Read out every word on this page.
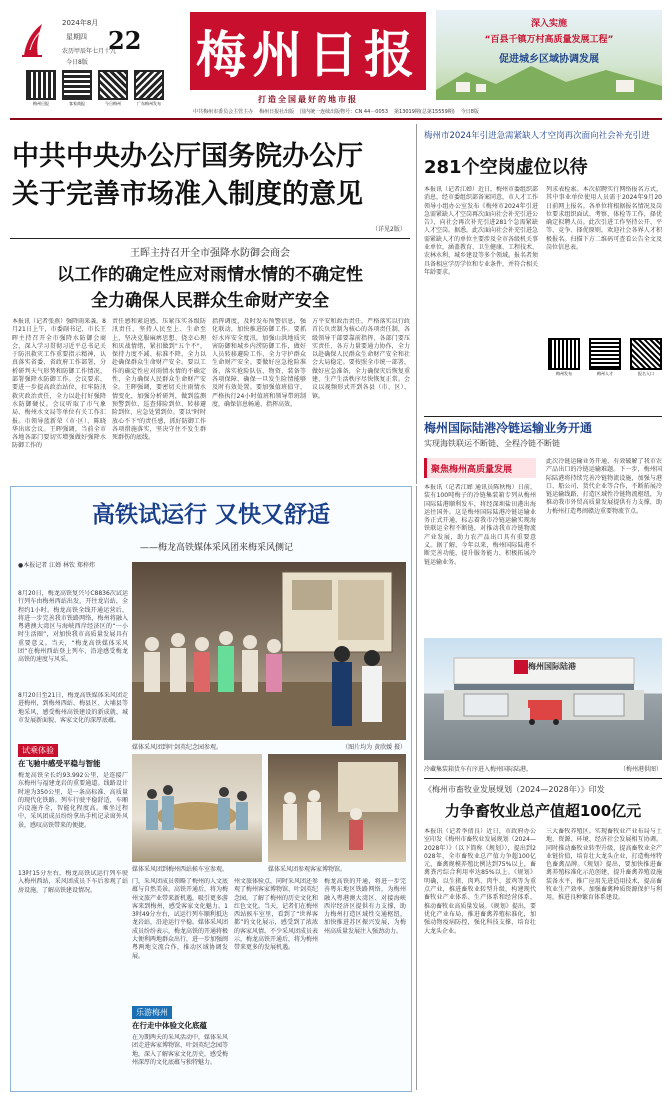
2024年8月
星期四 22
农历甲辰年七月十九
今日8版
梅州日报	客家商报	今日梅州	广东梅州发布
梅州日报
打造全国最好的地市报
深入实施
“百县千镇万村高质量发展工程”
促进城乡区域协调发展
中共梅州市委员会主管主办 梅州日报社出版 国内统一连续出版物号：CN 44－0053 第13019期(总第15559期) 今日8版
中共中央办公厅国务院办公厅
关于完善市场准入制度的意见
（详见2版）
王晖主持召开全市强降水防御会商会
以工作的确定性应对雨情水情的不确定性
全力确保人民群众生命财产安全
本报讯（记者张燕）强降雨来袭。8月21日上午，市委副书记、市长王晖主持召开全市强降水防御会商会，深入学习贯彻习近平总书记关于防汛救灾工作重要指示精神，认真落实省委、省政府工作部署，分析研判天气形势和防御工作情况，部署强降水防御工作。会议要求，要进一步提高政治站位，扛牢防汛救灾政治责任，全力以赴打好强降水防御硬仗。会议听取了市气象局、梅州水文局等单位有关工作汇报。市领导蓝新荣（市·区）、陈晓华出席会议。王晖强调，当前全市各地各部门要切实增强做好强降水防御工作的
责任感和紧迫感，压紧压实各级防汛责任，坚持人民至上、生命至上，坚决克服麻痹思想、侥幸心理和厌战情绪，紧扣做到"五个不"，保持力度不减、标准不降，全力以赴确保群众生命财产安全。要以工作的确定性应对雨情水情的不确定性，全力确保人民群众生命财产安全。王晖强调，要密切关注雨情水情变化，加强分析研判，做到监测预警到位、巡查排险到位、转移避险到位、应急处置到位。要以"时时放心不下"的责任感，抓好防御工作各项措施落实，坚决守住不发生群死群伤的底线。
指挥调度，及时发布预警信息，强化联动，加快推进防御工作。要抓好水库安全度汛，加强山洪地质灾害防御和城乡内涝防御工作，做好人员转移避险工作，全力守护群众生命财产安全。要做好应急抢险准备，落实抢险队伍、物资、装备等各项保障，确保一旦发生险情能够及时有效处置。要加强值班值守，严格执行24小时值班和领导带班制度，确保信息畅通、指挥高效。
方平安和政治责任，严格落实以行政首长负责制为核心的各项责任制，各级领导干部要靠前指挥、各部门要压实责任、各方力量要通力协作，全力以赴确保人民群众生命财产安全和社会大局稳定。要按照全市统一部署，做好应急准备，全力确保灾后恢复重建、生产生活秩序尽快恢复正常。会议以视频形式开到各县（市、区）、镇。
梅州市2024年引进急需紧缺人才空岗再次面向社会补充引进
281个空岗虚位以待
本报讯（记者江婵）近日，梅州市委组织部消息，经市委组织部备案同意，市人才工作领导小组办公室发布《梅州市2024年引进急需紧缺人才空岗再次面向社会补充引进公告》，向社会再次补充引进281个急需紧缺人才空岗。据悉，此次面向社会补充引进急需紧缺人才的单位主要涉及全市各级机关事业单位，涵盖教育、卫生健康、工程技术、农林水利、城乡建设等多个领域。报名者须具备相应学历学位和专业条件，并符合相关年龄要求。
列求表检索。本次招聘实行网络报名方式，其中事业单位使用人员需于2024年9月20日前网上报名。各单位将根据报名情况及岗位要求组织面试、考察、体检等工作，择优确定拟聘人员。此次引进工作坚持公开、平等、竞争、择优原则，欢迎社会各界人才积极报名。扫描下方二维码可查看公告全文及岗位信息表。
梅州发布	梅州人才	报名入口
梅州国际陆港冷链运输业务开通
实现海铁联运不断链、全程冷链不断链
聚焦梅州高质量发展
本报讯（记者江婵 通讯员陈秋梅）日前，装有100吨梅子的冷链集装箱专列从梅州国际陆港顺利发车，将经深圳盐田港出海运往国外。这是梅州国际陆港冷链运输业务正式开通，标志着我市冷链运输实现海铁联运全程不断链，对推动我市冷链物流产业发展，助力农产品出口具有重要意义。据了解，今年以来，梅州国际陆港不断完善功能，提升服务能力，积极拓展冷链运输业务。
此次冷链运输业务开通，有效破解了我市农产品出口的冷链运输难题。下一步，梅州国际陆港将持续完善冷链物流设施，加强与港口、船公司、货代企业等合作，不断拓展冷链运输线路，打造区域性冷链物流枢纽，为推动我市外贸高质量发展提供有力支撑，助力梅州打造粤闽赣边重要物流节点。
梅州国际陆港
冷藏集装箱货车有序进入梅州国际陆港。	（梅州港供图）
《梅州市畜牧业发展规划（2024—2028年）》印发
力争畜牧业总产值超100亿元
本报讯（记者李倩良）近日，市政府办公室印发《梅州市畜牧业发展规划（2024—2028年）》（以下简称《规划》），提出到2028年，全市畜牧业总产值力争超100亿元，畜禽规模养殖比例达到75%以上，畜禽粪污综合利用率达85%以上。《规划》明确，以生猪、肉鸡、肉牛、蛋鸡等为重点产业，推进畜牧业转型升级，构建现代畜牧业产业体系、生产体系和经营体系，推动畜牧业高质量发展。《规划》提出，要优化产业布局，推进畜禽养殖标准化，加强动物疫病防控，强化科技支撑，培育壮大龙头企业。
三大畜牧养殖区。实现畜牧业产业布局与土地、资源、环境、经济社会发展相互协调。同时推动畜牧业转型升级，提高畜牧业全产业链价值，培育壮大龙头企业，打造梅州特色畜禽品牌。《规划》提出，要加快推进畜禽养殖标准化示范创建，提升畜禽养殖设施装备水平，推广应用先进适用技术，提高畜牧业生产效率。加强畜禽种质资源保护与利用，推进良种繁育体系建设。
高铁试运行 又快又舒适
——梅龙高铁媒体采风团来梅采风侧记
●本报记者 江婵 林钦 郑梓炜
8月20日，梅龙高铁复兴号C8836次试运行列车由梅州西站出发，开往龙岩站，全程约1小时。梅龙高铁全线开通运营后，将进一步完善我市铁路网络，梅州将融入粤港澳大湾区与海峡西岸经济区的“一小时生活圈”，对加快我市高质量发展具有重要意义。当天，“梅龙高铁媒体采风团”在梅州西站登上列车，沿途感受梅龙高铁的速度与风采。
8月20日至21日，梅龙高铁媒体采风团走进梅州，到梅州西站、梅县区、大埔县等地采风，感受梅州高铁建设的新成就、城市发展新面貌、客家文化的深厚底蕴。
试乘体验
在飞驰中感受平稳与智能
梅龙高铁全长约93.992公里，是连接广东梅州与福建龙岩的重要通道。线路设计时速为350公里，是一条高标准、高质量的现代化铁路。列车行驶平稳舒适，车厢内设施齐全，智能化程度高。乘坐过程中，采风团成员纷纷拿出手机记录窗外风景，感叹高铁带来的便捷。
13时15分左右，梅龙高铁试运行列车驶入梅州西站，采风团成员下车后参观了站房设施，了解高铁建设情况。
媒体采风团到叶剑英纪念园参观。	（图片均为 黄欣媛 摄）
媒体采风团到梅州西站候车室参观。	媒体采风团参观客家博物馆。
门，采风团成员领略了梅州的人文底蕴与自然美景。高铁开通后，将为梅州文旅产业带来新机遇，吸引更多游客来到梅州，感受客家文化魅力。13时49分左右，试运行列车顺利抵达龙岩站，沿途运行平稳。媒体采风团成员纷纷表示，梅龙高铁的开通将极大便利两地群众出行，进一步加强闽粤两地交流合作，推动区域协调发展。
乐游梅州
在行走中体验文化底蕴
在为期两天的采风活动中，媒体采风团走进客家博物馆、叶剑英纪念园等地，深入了解客家文化历史，感受梅州深厚的文化底蕴与独特魅力。
州文旅体验点，同时采风团还参观了梅州客家博物馆、叶剑英纪念园，了解了梅州的历史文化和红色文化。当天，记者们在梅州西站候车室里，看到了“世界客都”的文化展示，感受到了浓浓的客家风情。不少采风团成员表示，梅龙高铁开通后，将为梅州带来更多的发展机遇。
梅龙高铁的开通，将进一步完善粤东地区铁路网络，为梅州融入粤港澳大湾区、对接海峡西岸经济区提供有力支撑，助力梅州打造区域性交通枢纽，加快推进苏区振兴发展，为梅州高质量发展注入强劲动力。
